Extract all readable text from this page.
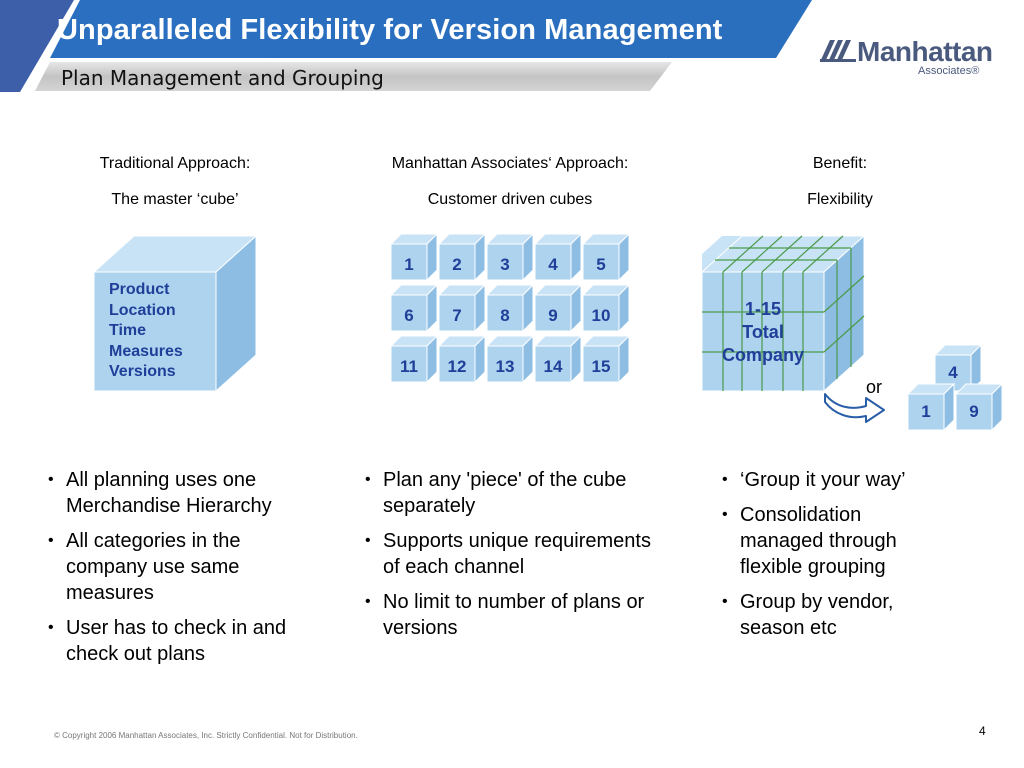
Unparalleled Flexibility for Version Management
Plan Management and Grouping
Manhattan
Associates®
Traditional Approach:
The master ‘cube’
Manhattan Associates‘ Approach:
Customer driven cubes
Benefit:
Flexibility
Product
Location
Time
Measures
Versions
1	2	3	4	5
6	7	8	9	10
11	12	13	14	15
1-15
Total
Company
or
4
1	9
• All planning uses one Merchandise Hierarchy
• All categories in the company use same measures
• User has to check in and check out plans
• Plan any 'piece' of the cube separately
• Supports unique requirements of each channel
• No limit to number of plans or versions
• ‘Group it your way’
• Consolidation managed through flexible grouping
• Group by vendor, season etc
© Copyright 2006 Manhattan Associates, Inc. Strictly Confidential. Not for Distribution.	4
